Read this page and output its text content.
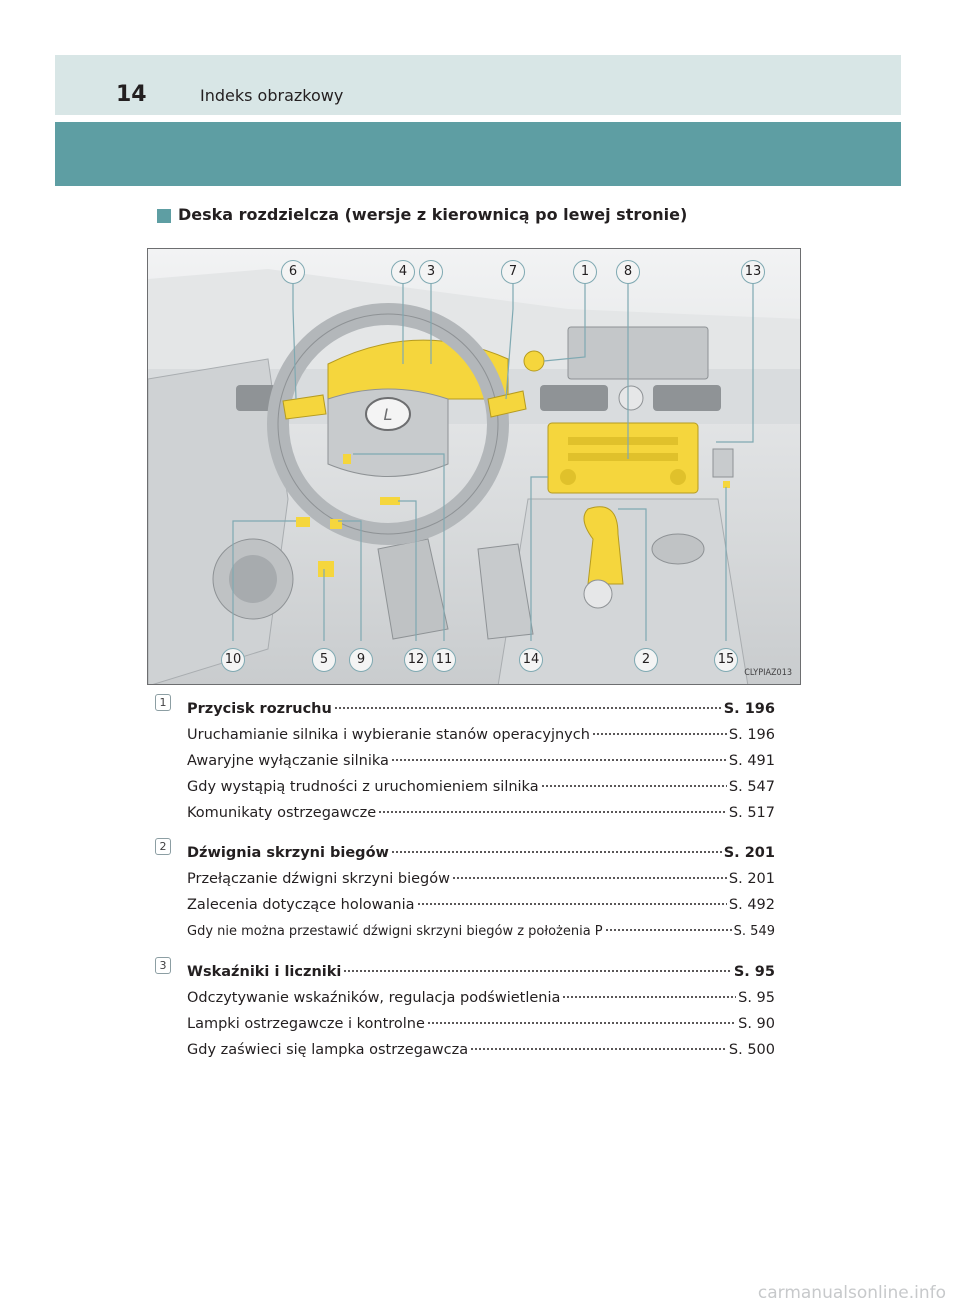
14	Indeks obrazkowy
Deska rozdzielcza (wersje z kierownicą po lewej stronie)
L
6	4	3	7	1	8	13
10	5	9	12 11	14	2	15
CLYPIAZ013
1	Przycisk rozruchu	S. 196
Uruchamianie silnika i wybieranie stanów operacyjnych	S. 196
Awaryjne wyłączanie silnika	S. 491
Gdy wystąpią trudności z uruchomieniem silnika	S. 547
Komunikaty ostrzegawcze	S. 517
2	Dźwignia skrzyni biegów	S. 201
Przełączanie dźwigni skrzyni biegów	S. 201
Zalecenia dotyczące holowania	S. 492
Gdy nie można przestawić dźwigni skrzyni biegów z położenia P	S. 549
3	Wskaźniki i liczniki	S. 95
Odczytywanie wskaźników, regulacja podświetlenia	S. 95
Lampki ostrzegawcze i kontrolne	S. 90
Gdy zaświeci się lampka ostrzegawcza	S. 500
carmanualsonline.info
